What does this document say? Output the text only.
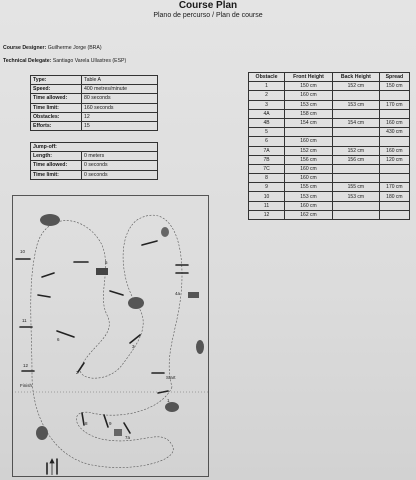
Course Plan
Plano de percurso / Plan de course
Course Designer: Guilherme Jorge (BRA)
Technical Delegate: Santiago Varela Ullastres (ESP)
Type:	Table A
Speed:	400 metres/minute
Time allowed:	80 seconds
Time limit:	160 seconds
Obstacles:	12
Efforts:	15
Jump-off:	
Length:	0 meters
Time allowed:	0 seconds
Time limit:	0 seconds
Obstacle	Front Height	Back Height	Spread
1	150 cm	152 cm	150 cm
2	160 cm		
3	153 cm	153 cm	170 cm
4A	158 cm		
4B	154 cm	154 cm	160 cm
5			430 cm
6	160 cm		
7A	152 cm	152 cm	160 cm
7B	156 cm	156 cm	120 cm
7C	160 cm		
8	160 cm		
9	155 cm	155 cm	170 cm
10	153 cm	153 cm	180 cm
11	160 cm		
12	162 cm		
1
2
3
4a
5
6
7a
8	9
10
11
12
Start
Finish
